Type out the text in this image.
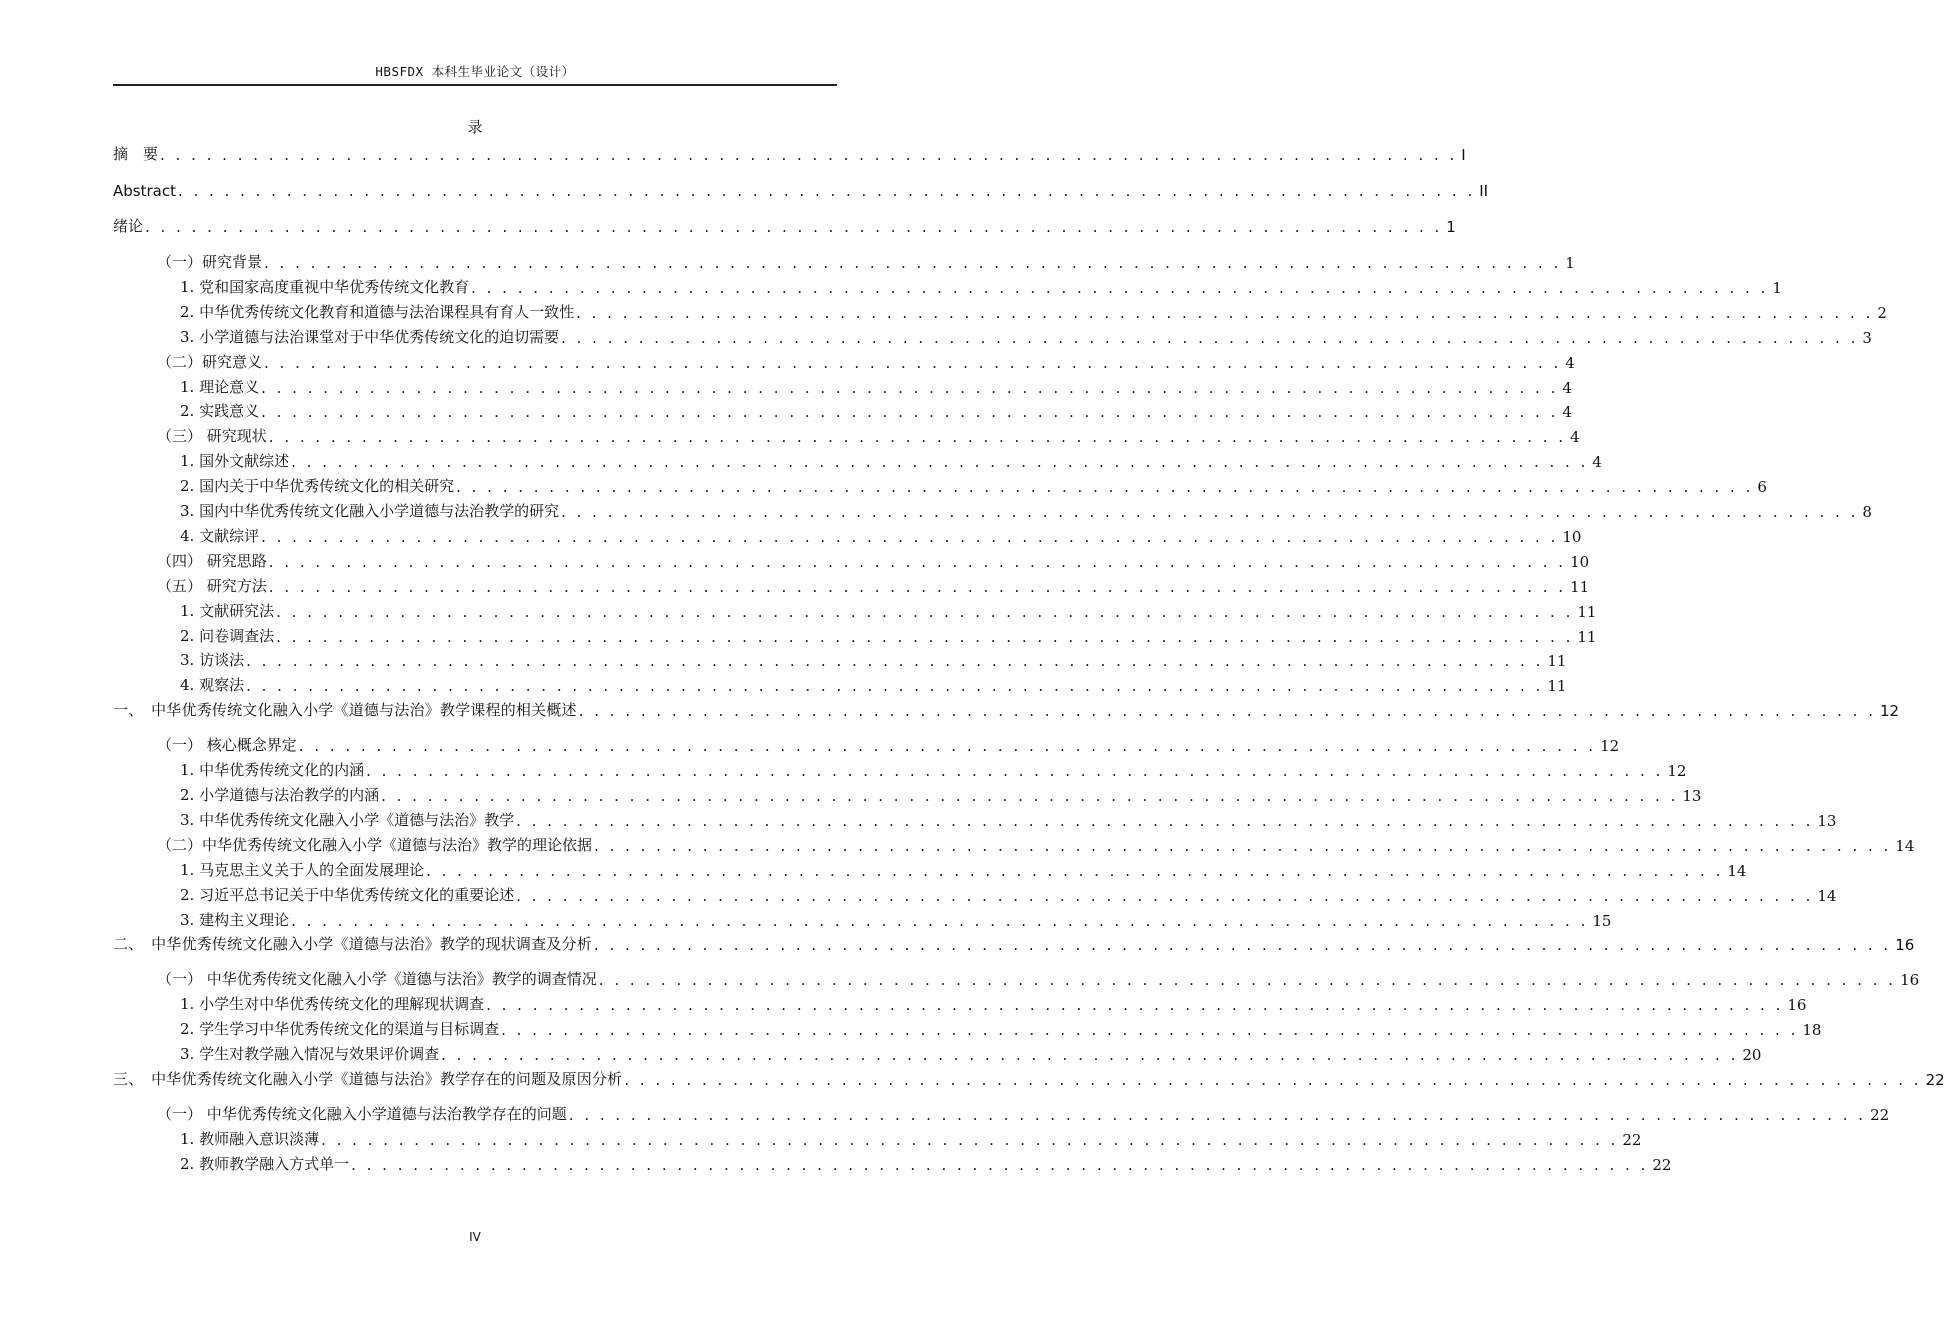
HBSFDX 本科生毕业论文（设计）
录
摘　要 . . . . . . . . . . . . . . . . . . . . . . . . . . . . . . . . . . . . . . . . . . . . . . . . . . . . . . . . . . . . . . . . . . . . . . . . . . . . . . . . . . . . I
Abstract . . . . . . . . . . . . . . . . . . . . . . . . . . . . . . . . . . . . . . . . . . . . . . . . . . . . . . . . . . . . . . . . . . . . . . . . . . . . . . . . . . . . II
绪论 . . . . . . . . . . . . . . . . . . . . . . . . . . . . . . . . . . . . . . . . . . . . . . . . . . . . . . . . . . . . . . . . . . . . . . . . . . . . . . . . . . . . 1
（一）研究背景 . . . . . . . . . . . . . . . . . . . . . . . . . . . . . . . . . . . . . . . . . . . . . . . . . . . . . . . . . . . . . . . . . . . . . . . . . . . . . . . . . . . . 1
1. 党和国家高度重视中华优秀传统文化教育 . . . . . . . . . . . . . . . . . . . . . . . . . . . . . . . . . . . . . . . . . . . . . . . . . . . . . . . . . . . . . . . . . . . . . . . . . . . . . . . . . . . . 1
2. 中华优秀传统文化教育和道德与法治课程具有育人一致性 . . . . . . . . . . . . . . . . . . . . . . . . . . . . . . . . . . . . . . . . . . . . . . . . . . . . . . . . . . . . . . . . . . . . . . . . . . . . . . . . . . . . 2
3. 小学道德与法治课堂对于中华优秀传统文化的迫切需要 . . . . . . . . . . . . . . . . . . . . . . . . . . . . . . . . . . . . . . . . . . . . . . . . . . . . . . . . . . . . . . . . . . . . . . . . . . . . . . . . . . . . 3
（二）研究意义 . . . . . . . . . . . . . . . . . . . . . . . . . . . . . . . . . . . . . . . . . . . . . . . . . . . . . . . . . . . . . . . . . . . . . . . . . . . . . . . . . . . . 4
1. 理论意义 . . . . . . . . . . . . . . . . . . . . . . . . . . . . . . . . . . . . . . . . . . . . . . . . . . . . . . . . . . . . . . . . . . . . . . . . . . . . . . . . . . . . 4
2. 实践意义 . . . . . . . . . . . . . . . . . . . . . . . . . . . . . . . . . . . . . . . . . . . . . . . . . . . . . . . . . . . . . . . . . . . . . . . . . . . . . . . . . . . . 4
（三） 研究现状 . . . . . . . . . . . . . . . . . . . . . . . . . . . . . . . . . . . . . . . . . . . . . . . . . . . . . . . . . . . . . . . . . . . . . . . . . . . . . . . . . . . . 4
1. 国外文献综述 . . . . . . . . . . . . . . . . . . . . . . . . . . . . . . . . . . . . . . . . . . . . . . . . . . . . . . . . . . . . . . . . . . . . . . . . . . . . . . . . . . . . 4
2. 国内关于中华优秀传统文化的相关研究 . . . . . . . . . . . . . . . . . . . . . . . . . . . . . . . . . . . . . . . . . . . . . . . . . . . . . . . . . . . . . . . . . . . . . . . . . . . . . . . . . . . . 6
3. 国内中华优秀传统文化融入小学道德与法治教学的研究 . . . . . . . . . . . . . . . . . . . . . . . . . . . . . . . . . . . . . . . . . . . . . . . . . . . . . . . . . . . . . . . . . . . . . . . . . . . . . . . . . . . . 8
4. 文献综评 . . . . . . . . . . . . . . . . . . . . . . . . . . . . . . . . . . . . . . . . . . . . . . . . . . . . . . . . . . . . . . . . . . . . . . . . . . . . . . . . . . . . 10
（四） 研究思路 . . . . . . . . . . . . . . . . . . . . . . . . . . . . . . . . . . . . . . . . . . . . . . . . . . . . . . . . . . . . . . . . . . . . . . . . . . . . . . . . . . . . 10
（五） 研究方法 . . . . . . . . . . . . . . . . . . . . . . . . . . . . . . . . . . . . . . . . . . . . . . . . . . . . . . . . . . . . . . . . . . . . . . . . . . . . . . . . . . . . 11
1. 文献研究法 . . . . . . . . . . . . . . . . . . . . . . . . . . . . . . . . . . . . . . . . . . . . . . . . . . . . . . . . . . . . . . . . . . . . . . . . . . . . . . . . . . . . 11
2. 问卷调查法 . . . . . . . . . . . . . . . . . . . . . . . . . . . . . . . . . . . . . . . . . . . . . . . . . . . . . . . . . . . . . . . . . . . . . . . . . . . . . . . . . . . . 11
3. 访谈法 . . . . . . . . . . . . . . . . . . . . . . . . . . . . . . . . . . . . . . . . . . . . . . . . . . . . . . . . . . . . . . . . . . . . . . . . . . . . . . . . . . . . 11
4. 观察法 . . . . . . . . . . . . . . . . . . . . . . . . . . . . . . . . . . . . . . . . . . . . . . . . . . . . . . . . . . . . . . . . . . . . . . . . . . . . . . . . . . . . 11
一、　中华优秀传统文化融入小学《道德与法治》教学课程的相关概述 . . . . . . . . . . . . . . . . . . . . . . . . . . . . . . . . . . . . . . . . . . . . . . . . . . . . . . . . . . . . . . . . . . . . . . . . . . . . . . . . . . . . 12
（一） 核心概念界定 . . . . . . . . . . . . . . . . . . . . . . . . . . . . . . . . . . . . . . . . . . . . . . . . . . . . . . . . . . . . . . . . . . . . . . . . . . . . . . . . . . . . 12
1. 中华优秀传统文化的内涵 . . . . . . . . . . . . . . . . . . . . . . . . . . . . . . . . . . . . . . . . . . . . . . . . . . . . . . . . . . . . . . . . . . . . . . . . . . . . . . . . . . . . 12
2. 小学道德与法治教学的内涵 . . . . . . . . . . . . . . . . . . . . . . . . . . . . . . . . . . . . . . . . . . . . . . . . . . . . . . . . . . . . . . . . . . . . . . . . . . . . . . . . . . . . 13
3. 中华优秀传统文化融入小学《道德与法治》教学 . . . . . . . . . . . . . . . . . . . . . . . . . . . . . . . . . . . . . . . . . . . . . . . . . . . . . . . . . . . . . . . . . . . . . . . . . . . . . . . . . . . . 13
（二）中华优秀传统文化融入小学《道德与法治》教学的理论依据 . . . . . . . . . . . . . . . . . . . . . . . . . . . . . . . . . . . . . . . . . . . . . . . . . . . . . . . . . . . . . . . . . . . . . . . . . . . . . . . . . . . . 14
1. 马克思主义关于人的全面发展理论 . . . . . . . . . . . . . . . . . . . . . . . . . . . . . . . . . . . . . . . . . . . . . . . . . . . . . . . . . . . . . . . . . . . . . . . . . . . . . . . . . . . . 14
2. 习近平总书记关于中华优秀传统文化的重要论述 . . . . . . . . . . . . . . . . . . . . . . . . . . . . . . . . . . . . . . . . . . . . . . . . . . . . . . . . . . . . . . . . . . . . . . . . . . . . . . . . . . . . 14
3. 建构主义理论 . . . . . . . . . . . . . . . . . . . . . . . . . . . . . . . . . . . . . . . . . . . . . . . . . . . . . . . . . . . . . . . . . . . . . . . . . . . . . . . . . . . . 15
二、　中华优秀传统文化融入小学《道德与法治》教学的现状调查及分析 . . . . . . . . . . . . . . . . . . . . . . . . . . . . . . . . . . . . . . . . . . . . . . . . . . . . . . . . . . . . . . . . . . . . . . . . . . . . . . . . . . . . 16
（一） 中华优秀传统文化融入小学《道德与法治》教学的调查情况 . . . . . . . . . . . . . . . . . . . . . . . . . . . . . . . . . . . . . . . . . . . . . . . . . . . . . . . . . . . . . . . . . . . . . . . . . . . . . . . . . . . . 16
1. 小学生对中华优秀传统文化的理解现状调查 . . . . . . . . . . . . . . . . . . . . . . . . . . . . . . . . . . . . . . . . . . . . . . . . . . . . . . . . . . . . . . . . . . . . . . . . . . . . . . . . . . . . 16
2. 学生学习中华优秀传统文化的渠道与目标调查 . . . . . . . . . . . . . . . . . . . . . . . . . . . . . . . . . . . . . . . . . . . . . . . . . . . . . . . . . . . . . . . . . . . . . . . . . . . . . . . . . . . . 18
3. 学生对教学融入情况与效果评价调查 . . . . . . . . . . . . . . . . . . . . . . . . . . . . . . . . . . . . . . . . . . . . . . . . . . . . . . . . . . . . . . . . . . . . . . . . . . . . . . . . . . . . 20
三、　中华优秀传统文化融入小学《道德与法治》教学存在的问题及原因分析 . . . . . . . . . . . . . . . . . . . . . . . . . . . . . . . . . . . . . . . . . . . . . . . . . . . . . . . . . . . . . . . . . . . . . . . . . . . . . . . . . . . . 22
（一） 中华优秀传统文化融入小学道德与法治教学存在的问题 . . . . . . . . . . . . . . . . . . . . . . . . . . . . . . . . . . . . . . . . . . . . . . . . . . . . . . . . . . . . . . . . . . . . . . . . . . . . . . . . . . . . 22
1. 教师融入意识淡薄 . . . . . . . . . . . . . . . . . . . . . . . . . . . . . . . . . . . . . . . . . . . . . . . . . . . . . . . . . . . . . . . . . . . . . . . . . . . . . . . . . . . . 22
2. 教师教学融入方式单一 . . . . . . . . . . . . . . . . . . . . . . . . . . . . . . . . . . . . . . . . . . . . . . . . . . . . . . . . . . . . . . . . . . . . . . . . . . . . . . . . . . . . 22
IV
